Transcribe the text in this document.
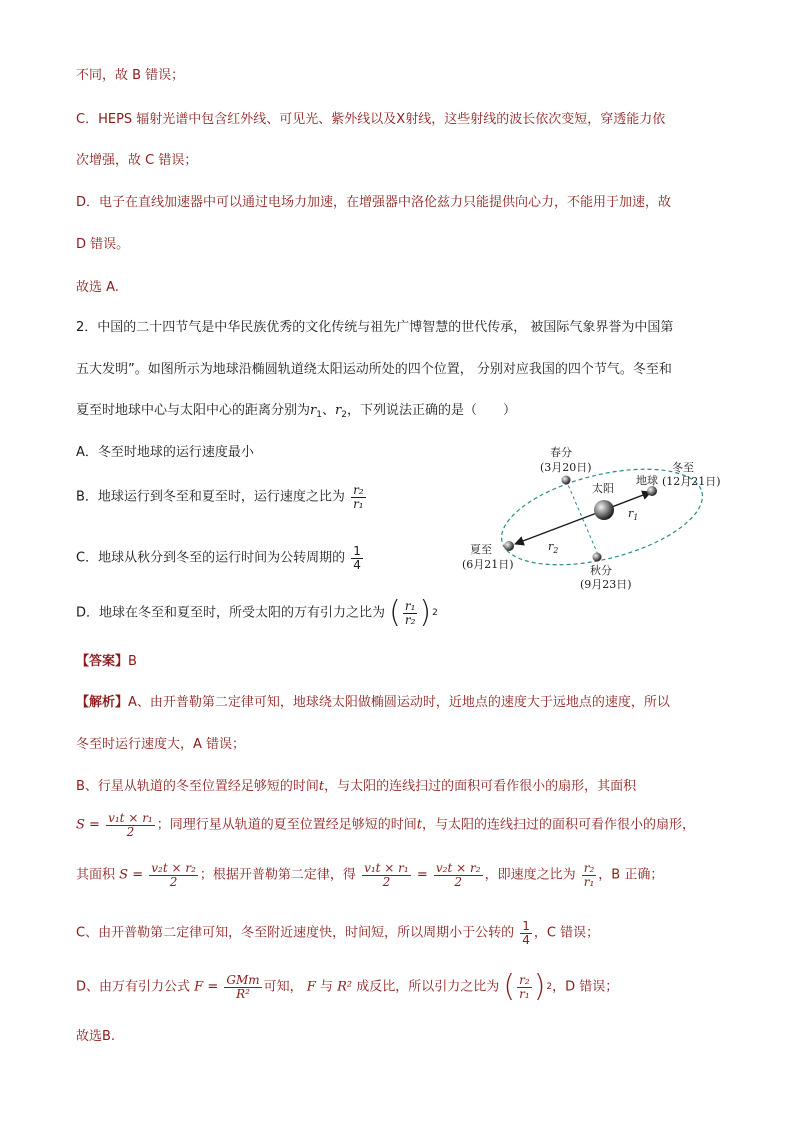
不同，故 B 错误；
C．HEPS 辐射光谱中包含红外线、可见光、紫外线以及X射线，这些射线的波长依次变短，穿透能力依
次增强，故 C 错误；
D．电子在直线加速器中可以通过电场力加速，在增强器中洛伦兹力只能提供向心力，不能用于加速，故
D 错误。
故选 A.
2．中国的二十四节气是中华民族优秀的文化传统与祖先广博智慧的世代传承， 被国际气象界誉为中国第
五大发明”。如图所示为地球沿椭圆轨道绕太阳运动所处的四个位置， 分别对应我国的四个节气。冬至和
夏至时地球中心与太阳中心的距离分别为$r_1$、$r_2$，下列说法正确的是（　　）
A．冬至时地球的运行速度最小
B．地球运行到冬至和夏至时，运行速度之比为 $\frac{\text{r₂}}{\text{r₁}}$
C．地球从秋分到冬至的运行时间为公转周期的 $\frac{1}{4}$
D．地球在冬至和夏至时，所受太阳的万有引力之比为 ( $\frac{\text{r₁}}{\text{r₂}}$ ) 2
春分
(3月20日)
太阳
地球
冬至
(12月21日)
夏至
(6月21日)	秋分
(9月23日)
$r_1$
$r_2$
【答案】B
【解析】A、由开普勒第二定律可知，地球绕太阳做椭圆运动时，近地点的速度大于远地点的速度，所以
冬至时运行速度大，A 错误；
B、行星从轨道的冬至位置经足够短的时间t，与太阳的连线扫过的面积可看作很小的扇形，其面积
$S = \frac{\text{v₁t × r₁}}{2}$ ；同理行星从轨道的夏至位置经足够短的时间t，与太阳的连线扫过的面积可看作很小的扇形，
其面积 $S = \frac{\text{v₂t × r₂}}{2}$ ；根据开普勒第二定律，得 $\frac{\text{v₁t × r₁}}{2} = \frac{\text{v₂t × r₂}}{2}$ ，即速度之比为 $\frac{\text{r₂}}{\text{r₁}}$ ，B 正确；
C、由开普勒第二定律可知，冬至附近速度快，时间短，所以周期小于公转的 $\frac{1}{4}$ ，C 错误；
D、由万有引力公式 $F = \frac{\text{GMm}}{\text{R²}}$ 可知， F 与 R² 成反比，所以引力之比为 ( $\frac{\text{r₂}}{\text{r₁}}$ ) 2 ，D 错误；
故选B.
